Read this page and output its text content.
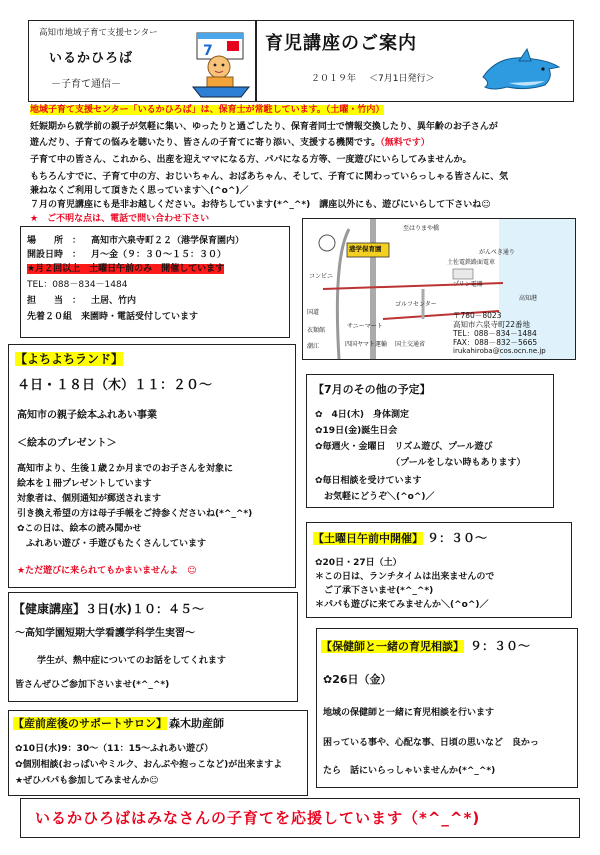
高知市地域子育て支援センター
いるかひろば
－子育て通信－
7	育児講座のご案内
２０１９年 ＜7月1日発行＞
地域子育て支援センター「いるかひろば」は、保育士が常駐しています。（土曜・竹内）
妊娠期から就学前の親子が気軽に集い、ゆったりと過ごしたり、保育者同士で情報交換したり、異年齢のお子さんが
遊んだり、子育ての悩みを聴いたり、皆さんの子育てに寄り添い、支援する機関です。（無料です）
子育て中の皆さん、これから、出産を迎えママになる方、パパになる方等、一度遊びにいらしてみませんか。
もちろんすでに、子育て中の方、おじいちゃん、おばあちゃん、そして、子育てに関わっていらっしゃる皆さんに、気
兼ねなくご利用して頂きたく思っています＼(^o^)／
７月の育児講座にも是非お越しください。お待ちしています(*^_^*)　講座以外にも、遊びにいらして下さいね☺
★　ご不明な点は、電話で問い合わせ下さい
場　　所　： 高知市六泉寺町２２（港学保育園内）
開設日時　： 月～金（９：３０～１５：３０）
★月２回以上　土曜日午前のみ　開催しています
TEL：088－834－1484
担　　当　： 土居、竹内
先着２０組　来園時・電話受付しています
至はりまや橋
がんぺき通り
港学保育園
土佐電鉄路面電車
プリン電器
高知港
コンビニ
サニーマート
ゴルフセンター
国道
潮江
衣類館
四国ヤマト運輸 国土交通省
〒780－8023
高知市六泉寺町22番地
TEL：088－834－1484
FAX：088－832－5665
irukahiroba@cos.ocn.ne.jp
【よちよちランド】
４日・１８日（木）１１：２０～
高知市の親子絵本ふれあい事業
＜絵本のプレゼント＞
高知市より、生後１歳２か月までのお子さんを対象に
絵本を１冊プレゼントしています
対象者は、個別通知が郵送されます
引き換え希望の方は母子手帳をご持参くださいね(*^_^*)
✿この日は、絵本の読み聞かせ
　ふれあい遊び・手遊びもたくさんしています
★ただ遊びに来られてもかまいませんよ　☺
【7月のその他の予定】
✿　4日(木)　身体測定
✿19日(金)誕生日会
✿毎週火・金曜日　リズム遊び、プール遊び
（プールをしない時もあります）
✿毎日相談を受けています
　お気軽にどうぞ＼(^o^)／
【土曜日午前中開催】 ９：３０～
✿20日・27日（土）
＊この日は、ランチタイムは出来ませんので
　ご了承下さいませ(*^_^*)
＊パパも遊びに来てみませんか＼(^o^)／
【健康講座】３日(水)１０：４５～
～高知学園短期大学看護学科学生実習～
学生が、熱中症についてのお話をしてくれます
皆さんぜひご参加下さいませ(*^_^*)
【保健師と一緒の育児相談】 ９：３０～
✿26日（金）
地域の保健師と一緒に育児相談を行います
困っている事や、心配な事、日頃の思いなど　良かっ
たら　話にいらっしゃいませんか(*^_^*)
【産前産後のサポートサロン】 森木助産師
✿10日(水)9：30～（11：15～ふれあい遊び）
✿個別相談(おっぱいやミルク、おんぶや抱っこなど)が出来ますよ
★ぜひパパも参加してみませんか☺
いるかひろばはみなさんの子育てを応援しています（*^_^*)
